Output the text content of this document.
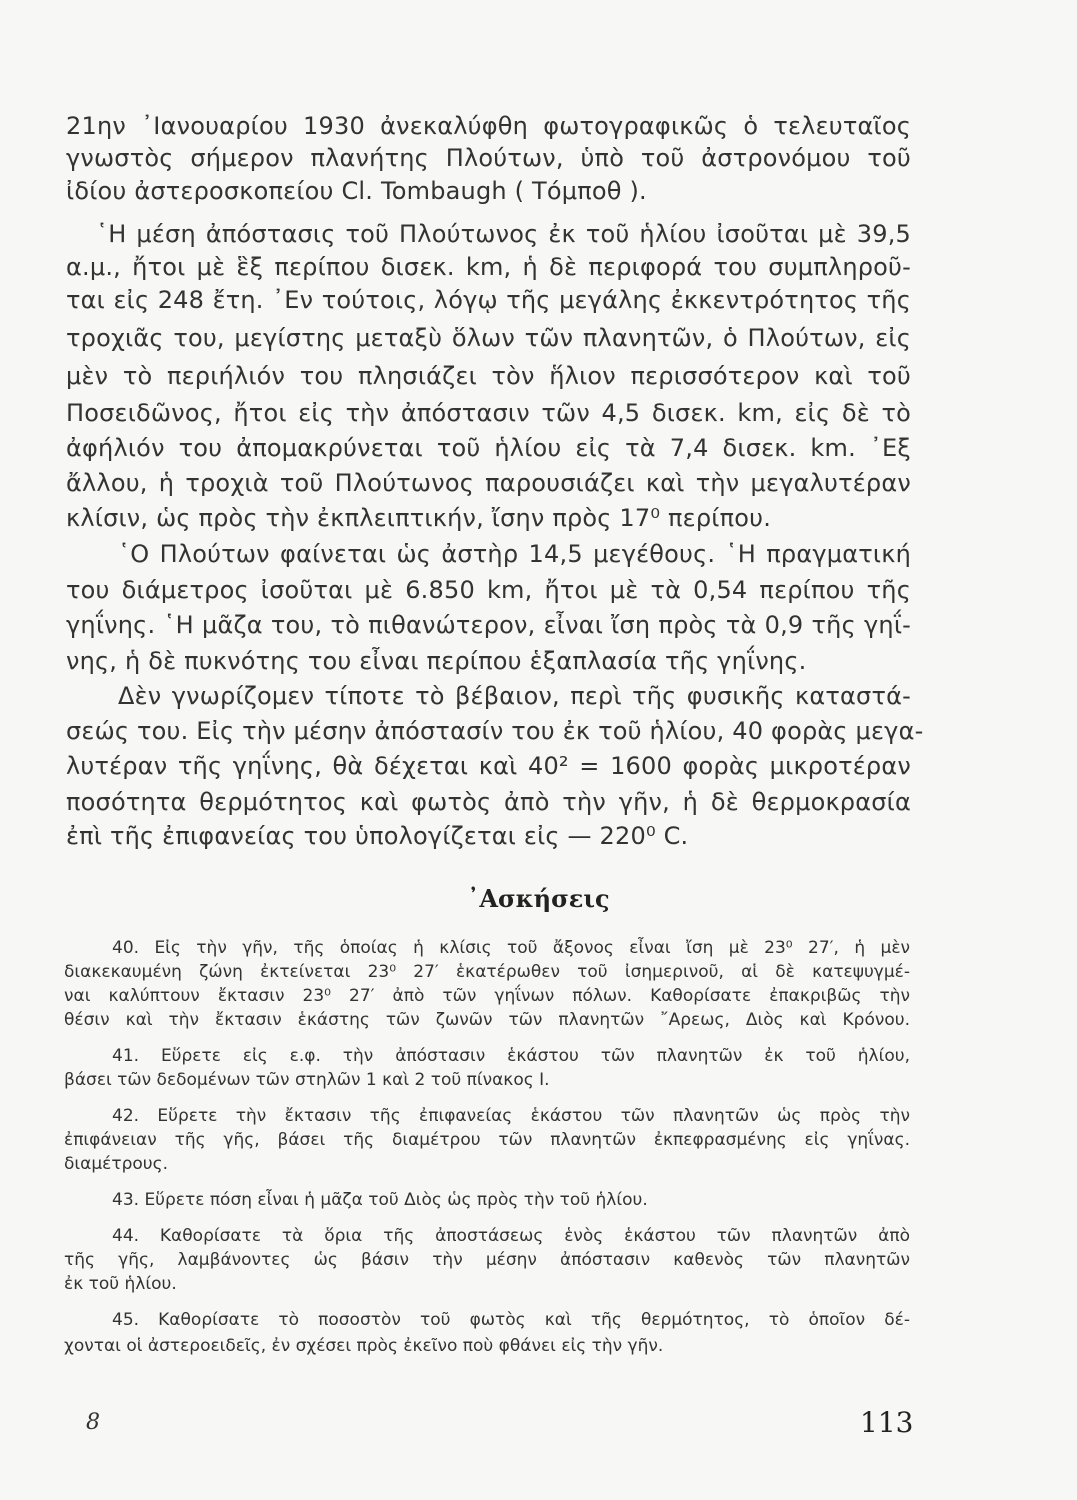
21ην ᾿Ιανουαρίου 1930 ἀνεκαλύφθη φωτογραφικῶς ὁ τελευταῖος
γνωστὸς σήμερον πλανήτης Πλούτων, ὑπὸ τοῦ ἀστρονόμου τοῦ
ἰδίου ἀστεροσκοπείου Cl. Tombaugh ( Τόμποθ ).
῾Η μέση ἀπόστασις τοῦ Πλούτωνος ἐκ τοῦ ἡλίου ἰσοῦται μὲ 39,5
α.μ., ἤτοι μὲ ἓξ περίπου δισεκ. km, ἡ δὲ περιφορά του συμπληροῦ-
ται εἰς 248 ἔτη. ᾿Εν τούτοις, λόγῳ τῆς μεγάλης ἐκκεντρότητος τῆς
τροχιᾶς του, μεγίστης μεταξὺ ὅλων τῶν πλανητῶν, ὁ Πλούτων, εἰς
μὲν τὸ περιήλιόν του πλησιάζει τὸν ἥλιον περισσότερον καὶ τοῦ
Ποσειδῶνος, ἤτοι εἰς τὴν ἀπόστασιν τῶν 4,5 δισεκ. km, εἰς δὲ τὸ
ἀφήλιόν του ἀπομακρύνεται τοῦ ἡλίου εἰς τὰ 7,4 δισεκ. km. ᾿Εξ
ἄλλου, ἡ τροχιὰ τοῦ Πλούτωνος παρουσιάζει καὶ τὴν μεγαλυτέραν
κλίσιν, ὡς πρὸς τὴν ἐκπλειπτικήν, ἴσην πρὸς 17⁰ περίπου.
῾Ο Πλούτων φαίνεται ὡς ἀστὴρ 14,5 μεγέθους. ῾Η πραγματική
του διάμετρος ἰσοῦται μὲ 6.850 km, ἤτοι μὲ τὰ 0,54 περίπου τῆς
γηΐνης. ῾Η μᾶζα του, τὸ πιθανώτερον, εἶναι ἴση πρὸς τὰ 0,9 τῆς γηΐ-
νης, ἡ δὲ πυκνότης του εἶναι περίπου ἑξαπλασία τῆς γηΐνης.
Δὲν γνωρίζομεν τίποτε τὸ βέβαιον, περὶ τῆς φυσικῆς καταστά-
σεώς του. Εἰς τὴν μέσην ἀπόστασίν του ἐκ τοῦ ἡλίου, 40 φορὰς μεγα-
λυτέραν τῆς γηΐνης, θὰ δέχεται καὶ 40² = 1600 φορὰς μικροτέραν
ποσότητα θερμότητος καὶ φωτὸς ἀπὸ τὴν γῆν, ἡ δὲ θερμοκρασία
ἐπὶ τῆς ἐπιφανείας του ὑπολογίζεται εἰς — 220⁰ C.
᾿Ασκήσεις
40. Εἰς τὴν γῆν, τῆς ὁποίας ἡ κλίσις τοῦ ἄξονος εἶναι ἴση μὲ 23⁰ 27′, ἡ μὲν
διακεκαυμένη ζώνη ἐκτείνεται 23⁰ 27′ ἑκατέρωθεν τοῦ ἰσημερινοῦ, αἱ δὲ κατεψυγμέ-
ναι καλύπτουν ἔκτασιν 23⁰ 27′ ἀπὸ τῶν γηΐνων πόλων. Καθορίσατε ἐπακριβῶς τὴν
θέσιν καὶ τὴν ἔκτασιν ἑκάστης τῶν ζωνῶν τῶν πλανητῶν ῎Αρεως, Διὸς καὶ Κρόνου.
41. Εὕρετε εἰς ε.φ. τὴν ἀπόστασιν ἑκάστου τῶν πλανητῶν ἐκ τοῦ ἡλίου,
βάσει τῶν δεδομένων τῶν στηλῶν 1 καὶ 2 τοῦ πίνακος Ι.
42. Εὕρετε τὴν ἔκτασιν τῆς ἐπιφανείας ἑκάστου τῶν πλανητῶν ὡς πρὸς τὴν
ἐπιφάνειαν τῆς γῆς, βάσει τῆς διαμέτρου τῶν πλανητῶν ἐκπεφρασμένης εἰς γηΐνας.
διαμέτρους.
43. Εὕρετε πόση εἶναι ἡ μᾶζα τοῦ Διὸς ὡς πρὸς τὴν τοῦ ἡλίου.
44. Καθορίσατε τὰ ὅρια τῆς ἀποστάσεως ἑνὸς ἑκάστου τῶν πλανητῶν ἀπὸ
τῆς γῆς, λαμβάνοντες ὡς βάσιν τὴν μέσην ἀπόστασιν καθενὸς τῶν πλανητῶν
ἐκ τοῦ ἡλίου.
45. Καθορίσατε τὸ ποσοστὸν τοῦ φωτὸς καὶ τῆς θερμότητος, τὸ ὁποῖον δέ-
χονται οἱ ἀστεροειδεῖς, ἐν σχέσει πρὸς ἐκεῖνο ποὺ φθάνει εἰς τὴν γῆν.
8	113
